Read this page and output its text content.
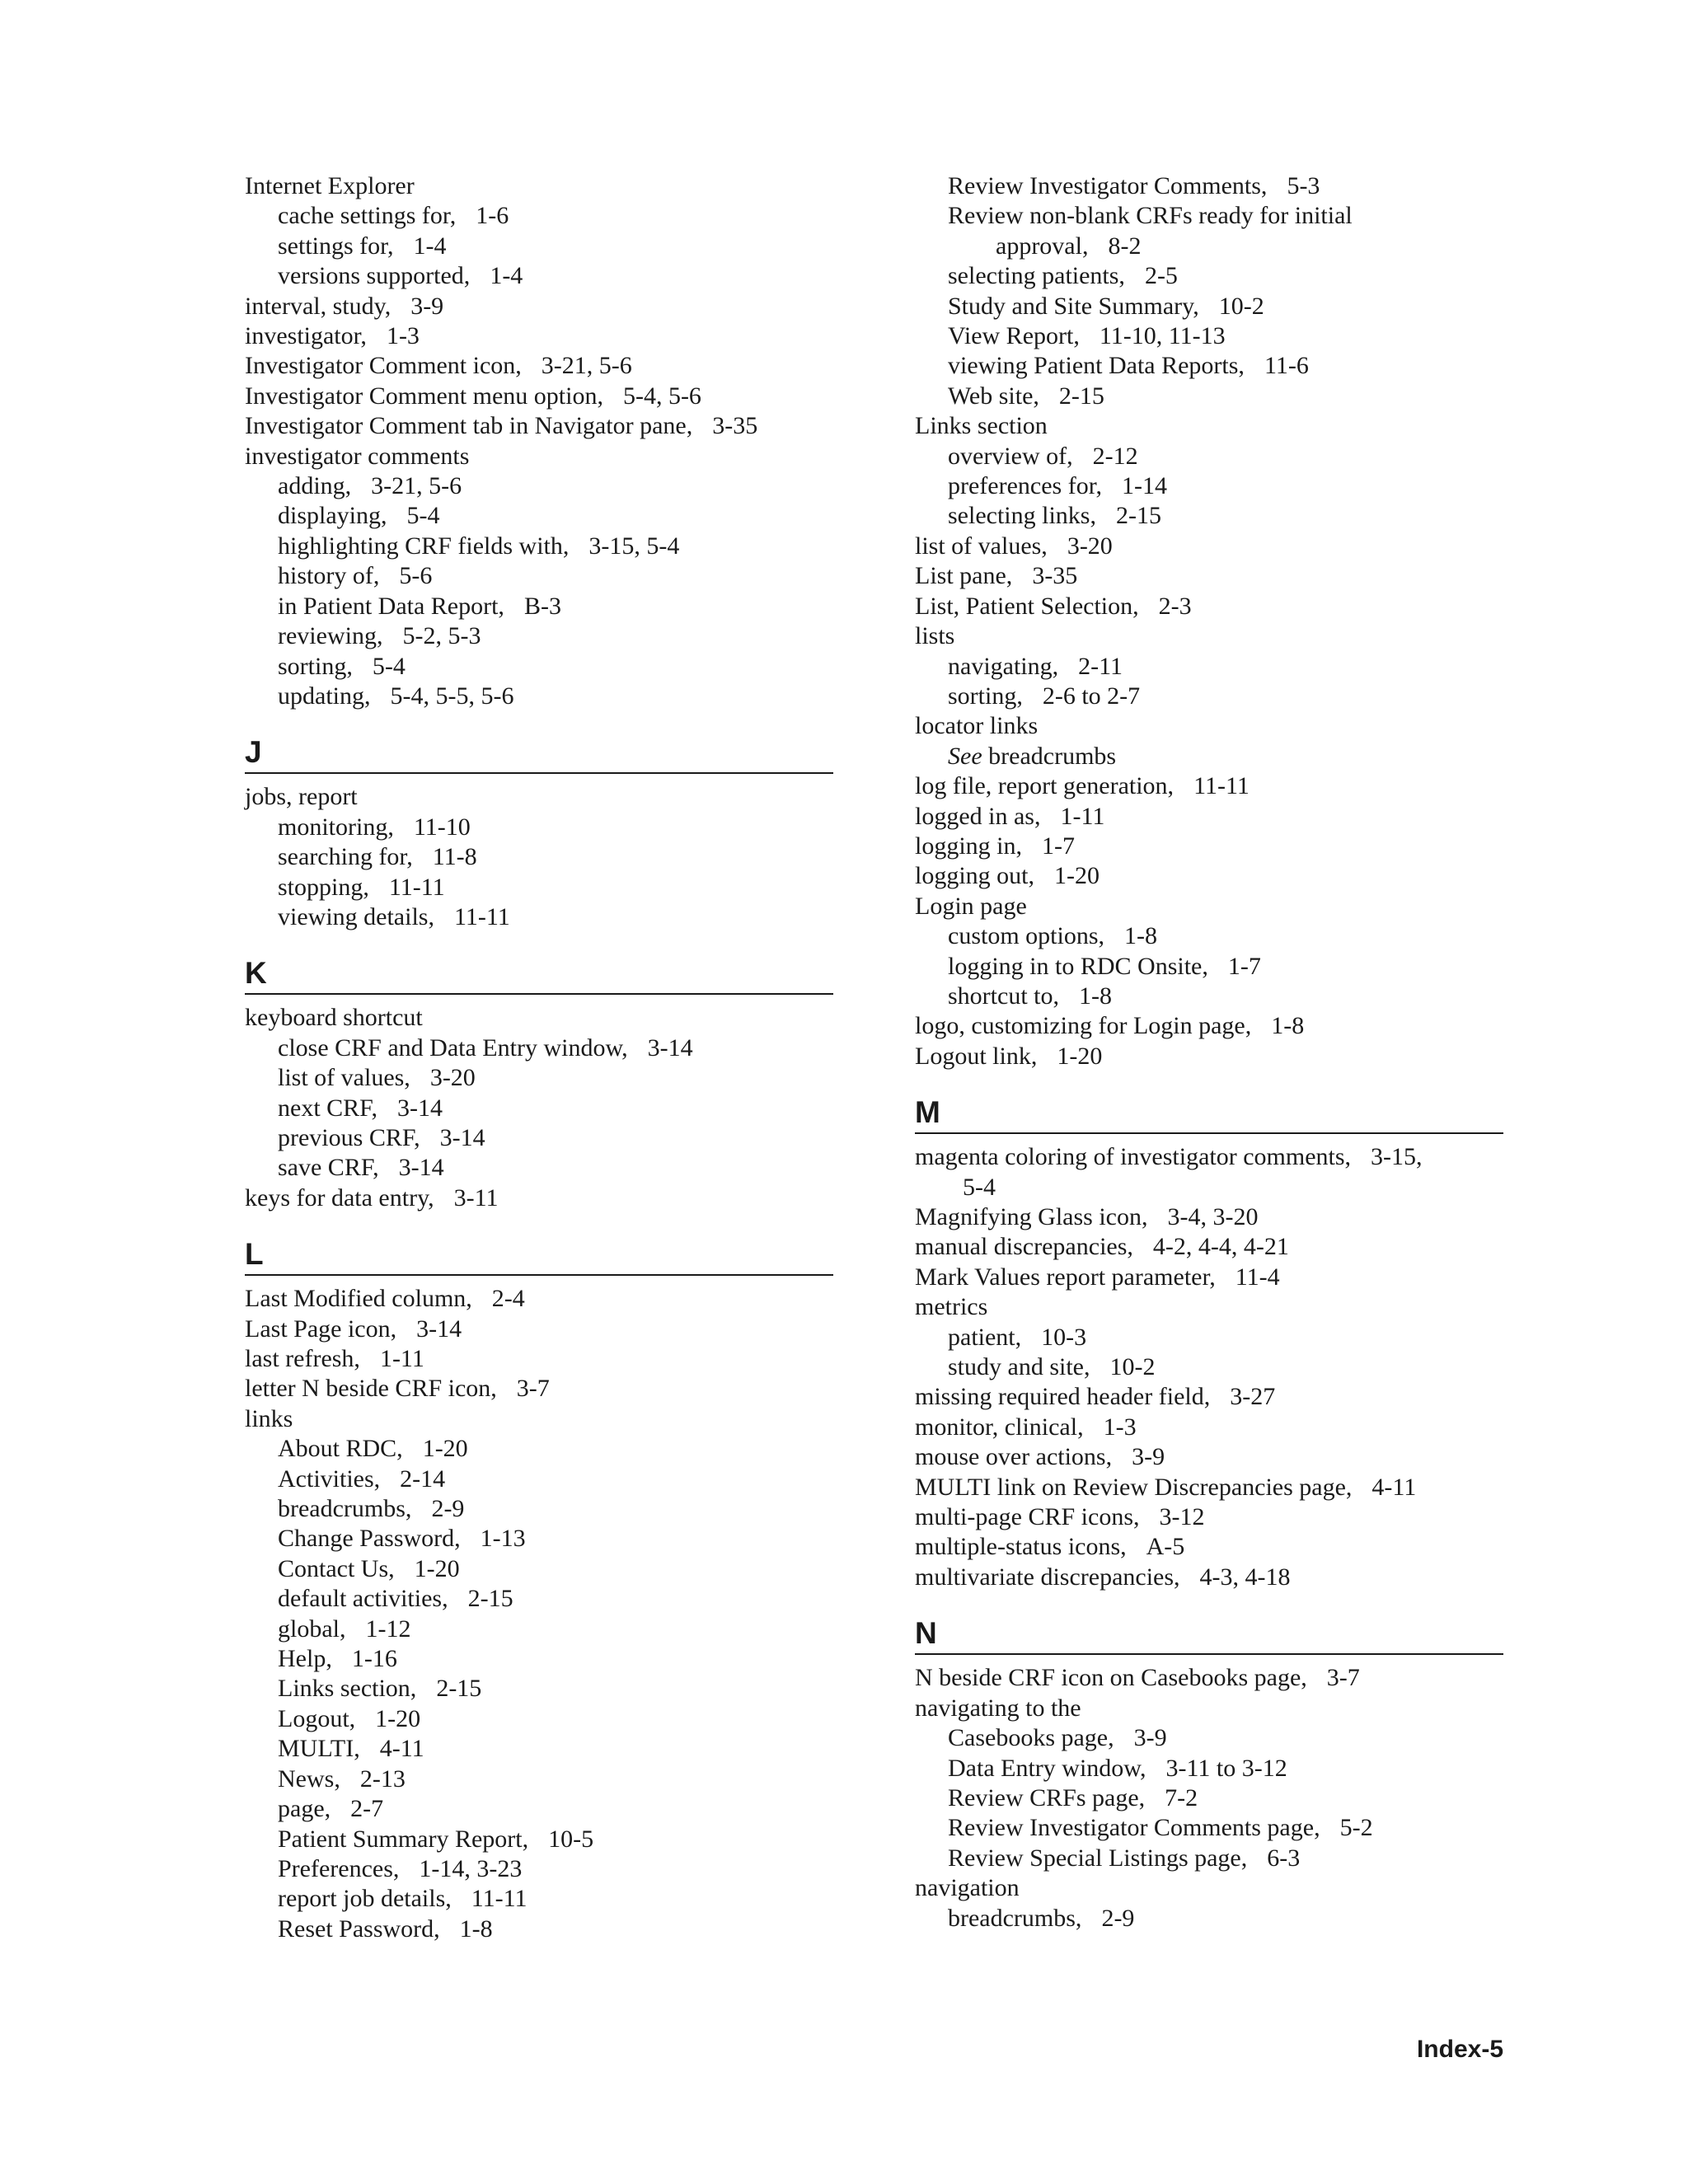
Internet Explorer
cache settings for, 1-6
settings for, 1-4
versions supported, 1-4
interval, study, 3-9
investigator, 1-3
Investigator Comment icon, 3-21, 5-6
Investigator Comment menu option, 5-4, 5-6
Investigator Comment tab in Navigator pane, 3-35
investigator comments
adding, 3-21, 5-6
displaying, 5-4
highlighting CRF fields with, 3-15, 5-4
history of, 5-6
in Patient Data Report, B-3
reviewing, 5-2, 5-3
sorting, 5-4
updating, 5-4, 5-5, 5-6
J
jobs, report
monitoring, 11-10
searching for, 11-8
stopping, 11-11
viewing details, 11-11
K
keyboard shortcut
close CRF and Data Entry window, 3-14
list of values, 3-20
next CRF, 3-14
previous CRF, 3-14
save CRF, 3-14
keys for data entry, 3-11
L
Last Modified column, 2-4
Last Page icon, 3-14
last refresh, 1-11
letter N beside CRF icon, 3-7
links
About RDC, 1-20
Activities, 2-14
breadcrumbs, 2-9
Change Password, 1-13
Contact Us, 1-20
default activities, 2-15
global, 1-12
Help, 1-16
Links section, 2-15
Logout, 1-20
MULTI, 4-11
News, 2-13
page, 2-7
Patient Summary Report, 10-5
Preferences, 1-14, 3-23
report job details, 11-11
Reset Password, 1-8
Review Investigator Comments, 5-3
Review non-blank CRFs ready for initial
approval, 8-2
selecting patients, 2-5
Study and Site Summary, 10-2
View Report, 11-10, 11-13
viewing Patient Data Reports, 11-6
Web site, 2-15
Links section
overview of, 2-12
preferences for, 1-14
selecting links, 2-15
list of values, 3-20
List pane, 3-35
List, Patient Selection, 2-3
lists
navigating, 2-11
sorting, 2-6 to 2-7
locator links
See breadcrumbs
log file, report generation, 11-11
logged in as, 1-11
logging in, 1-7
logging out, 1-20
Login page
custom options, 1-8
logging in to RDC Onsite, 1-7
shortcut to, 1-8
logo, customizing for Login page, 1-8
Logout link, 1-20
M
magenta coloring of investigator comments, 3-15,
5-4
Magnifying Glass icon, 3-4, 3-20
manual discrepancies, 4-2, 4-4, 4-21
Mark Values report parameter, 11-4
metrics
patient, 10-3
study and site, 10-2
missing required header field, 3-27
monitor, clinical, 1-3
mouse over actions, 3-9
MULTI link on Review Discrepancies page, 4-11
multi-page CRF icons, 3-12
multiple-status icons, A-5
multivariate discrepancies, 4-3, 4-18
N
N beside CRF icon on Casebooks page, 3-7
navigating to the
Casebooks page, 3-9
Data Entry window, 3-11 to 3-12
Review CRFs page, 7-2
Review Investigator Comments page, 5-2
Review Special Listings page, 6-3
navigation
breadcrumbs, 2-9
Index-5
